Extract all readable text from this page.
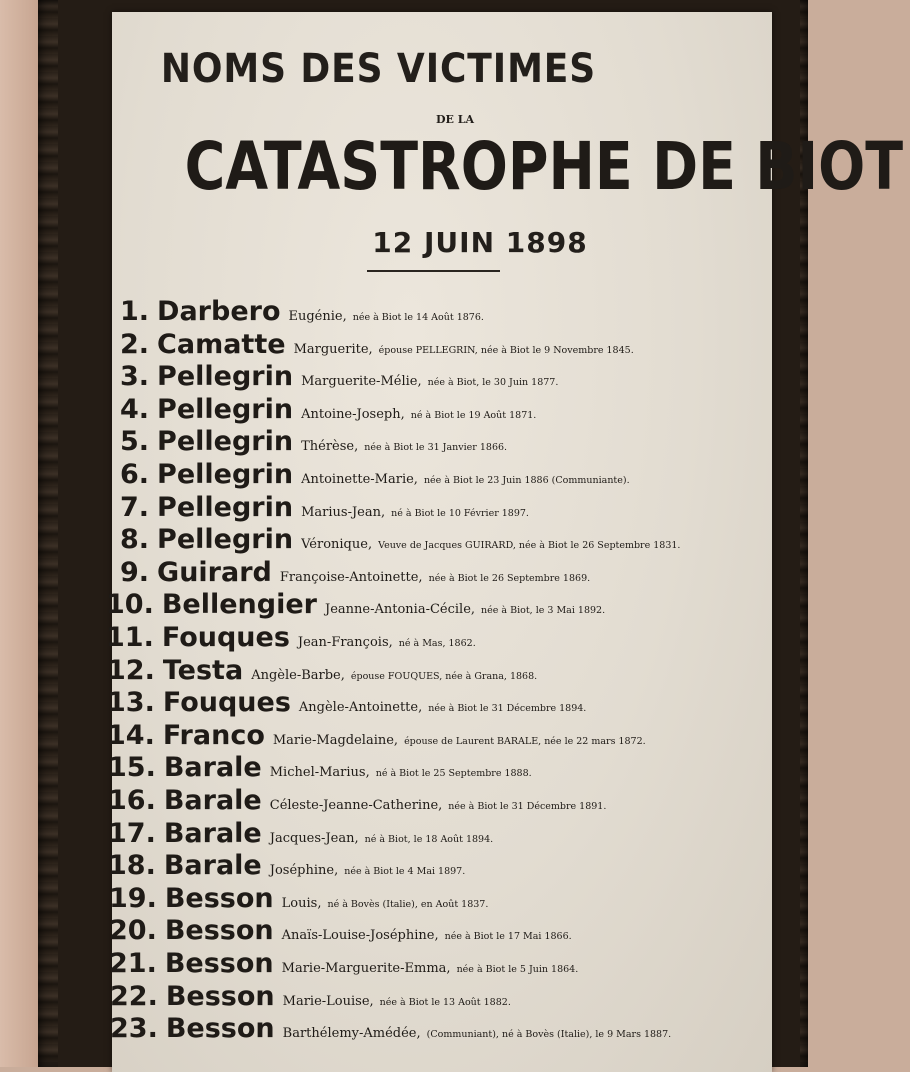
NOMS DES VICTIMES
DE LA
CATASTROPHE DE BIOT
12 JUIN 1898
1. Darbero Eugénie, née à Biot le 14 Août 1876.
2. Camatte Marguerite, épouse PELLEGRIN, née à Biot le 9 Novembre 1845.
3. Pellegrin Marguerite-Mélie, née à Biot, le 30 Juin 1877.
4. Pellegrin Antoine-Joseph, né à Biot le 19 Août 1871.
5. Pellegrin Thérèse, née à Biot le 31 Janvier 1866.
6. Pellegrin Antoinette-Marie, née à Biot le 23 Juin 1886 (Communiante).
7. Pellegrin Marius-Jean, né à Biot le 10 Février 1897.
8. Pellegrin Véronique, Veuve de Jacques GUIRARD, née à Biot le 26 Septembre 1831.
9. Guirard Françoise-Antoinette, née à Biot le 26 Septembre 1869.
10. Bellengier Jeanne-Antonia-Cécile, née à Biot, le 3 Mai 1892.
11. Fouques Jean-François, né à Mas, 1862.
12. Testa Angèle-Barbe, épouse FOUQUES, née à Grana, 1868.
13. Fouques Angèle-Antoinette, née à Biot le 31 Décembre 1894.
14. Franco Marie-Magdelaine, épouse de Laurent BARALE, née le 22 mars 1872.
15. Barale Michel-Marius, né à Biot le 25 Septembre 1888.
16. Barale Céleste-Jeanne-Catherine, née à Biot le 31 Décembre 1891.
17. Barale Jacques-Jean, né à Biot, le 18 Août 1894.
18. Barale Joséphine, née à Biot le 4 Mai 1897.
19. Besson Louis, né à Bovès (Italie), en Août 1837.
20. Besson Anaïs-Louise-Joséphine, née à Biot le 17 Mai 1866.
21. Besson Marie-Marguerite-Emma, née à Biot le 5 Juin 1864.
22. Besson Marie-Louise, née à Biot le 13 Août 1882.
23. Besson Barthélemy-Amédée, (Communiant), né à Bovès (Italie), le 9 Mars 1887.
